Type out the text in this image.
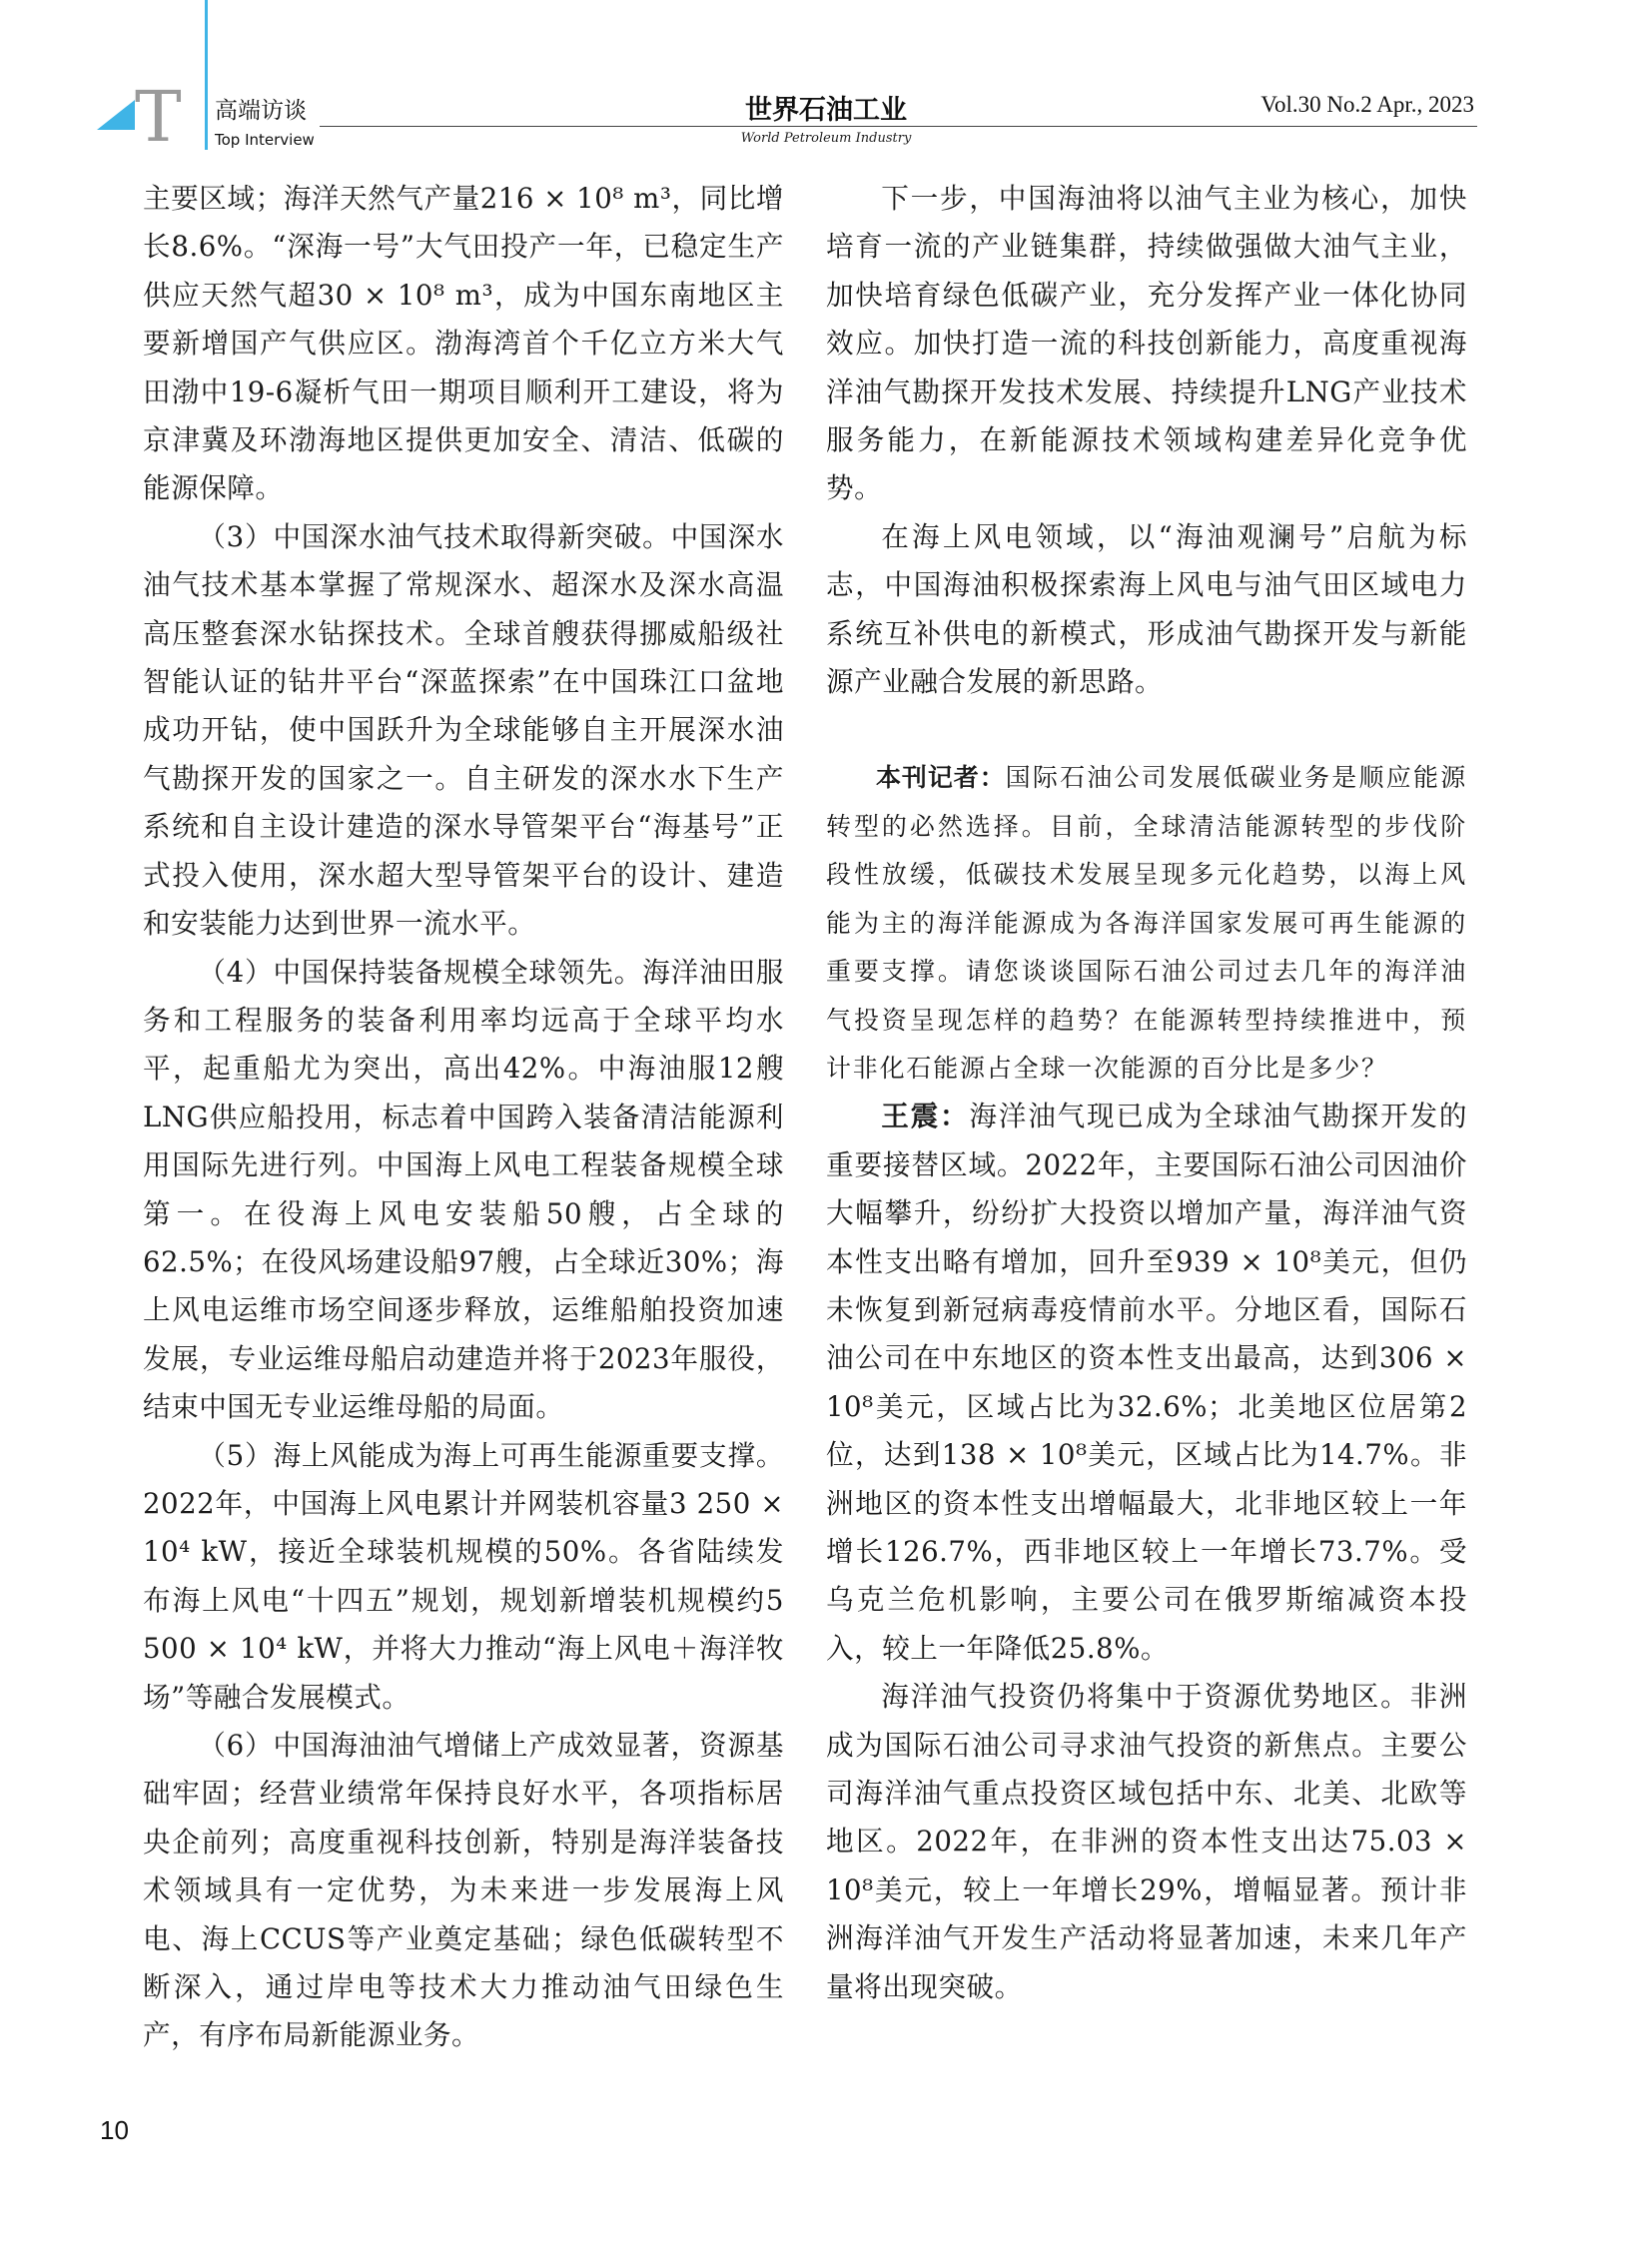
T 高端访谈
Top Interview
世界石油工业
World Petroleum Industry
Vol.30 No.2 Apr., 2023

主要区域；海洋天然气产量216 × 10⁸ m³，同比增长8.6%。“深海一号”大气田投产一年，已稳定生产供应天然气超30 × 10⁸ m³，成为中国东南地区主要新增国产气供应区。渤海湾首个千亿立方米大气田渤中19-6凝析气田一期项目顺利开工建设，将为京津冀及环渤海地区提供更加安全、清洁、低碳的能源保障。

（3）中国深水油气技术取得新突破。中国深水油气技术基本掌握了常规深水、超深水及深水高温高压整套深水钻探技术。全球首艘获得挪威船级社智能认证的钻井平台“深蓝探索”在中国珠江口盆地成功开钻，使中国跃升为全球能够自主开展深水油气勘探开发的国家之一。自主研发的深水水下生产系统和自主设计建造的深水导管架平台“海基号”正式投入使用，深水超大型导管架平台的设计、建造和安装能力达到世界一流水平。

（4）中国保持装备规模全球领先。海洋油田服务和工程服务的装备利用率均远高于全球平均水平，起重船尤为突出，高出42%。中海油服12艘LNG供应船投用，标志着中国跨入装备清洁能源利用国际先进行列。中国海上风电工程装备规模全球第一。在役海上风电安装船50艘，占全球的62.5%；在役风场建设船97艘，占全球近30%；海上风电运维市场空间逐步释放，运维船舶投资加速发展，专业运维母船启动建造并将于2023年服役，结束中国无专业运维母船的局面。

（5）海上风能成为海上可再生能源重要支撑。2022年，中国海上风电累计并网装机容量3 250 × 10⁴ kW，接近全球装机规模的50%。各省陆续发布海上风电“十四五”规划，规划新增装机规模约5 500 × 10⁴ kW，并将大力推动“海上风电＋海洋牧场”等融合发展模式。

（6）中国海油油气增储上产成效显著，资源基础牢固；经营业绩常年保持良好水平，各项指标居央企前列；高度重视科技创新，特别是海洋装备技术领域具有一定优势，为未来进一步发展海上风电、海上CCUS等产业奠定基础；绿色低碳转型不断深入，通过岸电等技术大力推动油气田绿色生产，有序布局新能源业务。

下一步，中国海油将以油气主业为核心，加快培育一流的产业链集群，持续做强做大油气主业，加快培育绿色低碳产业，充分发挥产业一体化协同效应。加快打造一流的科技创新能力，高度重视海洋油气勘探开发技术发展、持续提升LNG产业技术服务能力，在新能源技术领域构建差异化竞争优势。

在海上风电领域，以“海油观澜号”启航为标志，中国海油积极探索海上风电与油气田区域电力系统互补供电的新模式，形成油气勘探开发与新能源产业融合发展的新思路。

本刊记者：国际石油公司发展低碳业务是顺应能源转型的必然选择。目前，全球清洁能源转型的步伐阶段性放缓，低碳技术发展呈现多元化趋势，以海上风能为主的海洋能源成为各海洋国家发展可再生能源的重要支撑。请您谈谈国际石油公司过去几年的海洋油气投资呈现怎样的趋势？在能源转型持续推进中，预计非化石能源占全球一次能源的百分比是多少？

王震：海洋油气现已成为全球油气勘探开发的重要接替区域。2022年，主要国际石油公司因油价大幅攀升，纷纷扩大投资以增加产量，海洋油气资本性支出略有增加，回升至939 × 10⁸美元，但仍未恢复到新冠病毒疫情前水平。分地区看，国际石油公司在中东地区的资本性支出最高，达到306 × 10⁸美元，区域占比为32.6%；北美地区位居第2位，达到138 × 10⁸美元，区域占比为14.7%。非洲地区的资本性支出增幅最大，北非地区较上一年增长126.7%，西非地区较上一年增长73.7%。受乌克兰危机影响，主要公司在俄罗斯缩减资本投入，较上一年降低25.8%。

海洋油气投资仍将集中于资源优势地区。非洲成为国际石油公司寻求油气投资的新焦点。主要公司海洋油气重点投资区域包括中东、北美、北欧等地区。2022年，在非洲的资本性支出达75.03 × 10⁸美元，较上一年增长29%，增幅显著。预计非洲海洋油气开发生产活动将显著加速，未来几年产量将出现突破。

10
